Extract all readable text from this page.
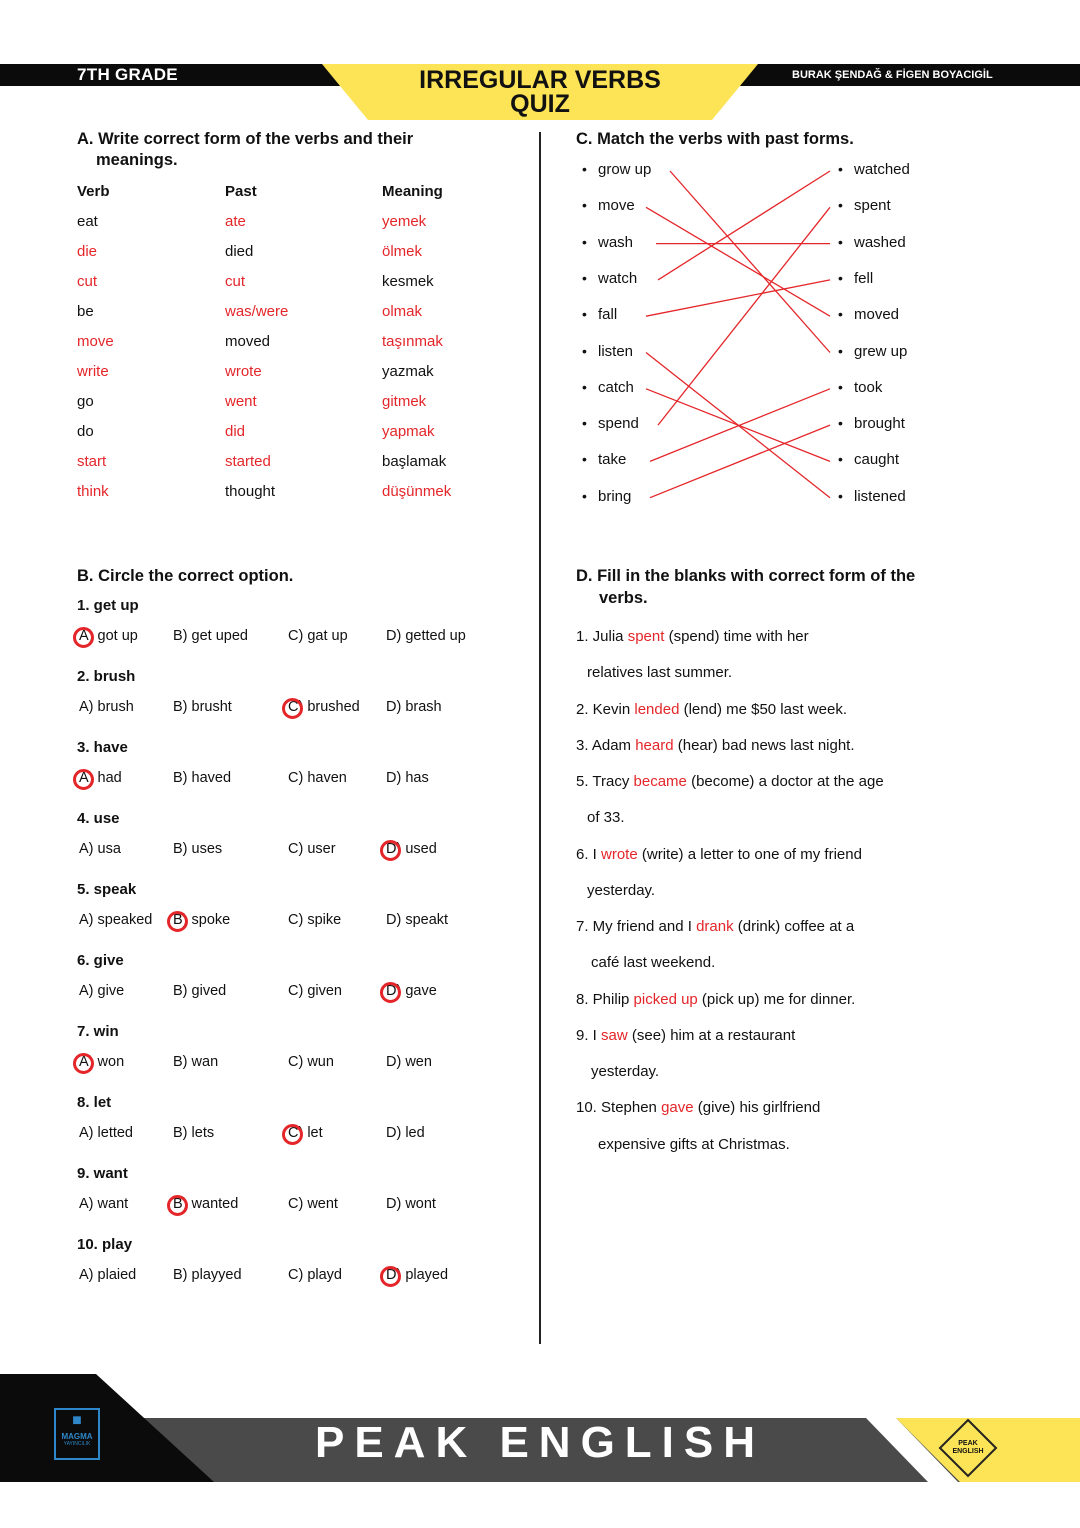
7TH GRADE	IRREGULAR VERBS
QUIZ
BURAK ŞENDAĞ & FİGEN BOYACIGİL
A. Write correct form of the verbs and their
meanings.
Verb	Past	Meaning
eat	ate	yemek
die	died	ölmek
cut	cut	kesmek
be	was/were	olmak
move	moved	taşınmak
write	wrote	yazmak
go	went	gitmek
do	did	yapmak
start	started	başlamak
think	thought	düşünmek
B. Circle the correct option.
1. get up
A) got up B) get uped	C) gat up	D) getted up
2. brush
A) brush	B) brusht	C) brushed D) brash
3. have
A) had	B) haved	C) haven	D) has
4. use
A) usa	B) uses	C) user	D) used
5. speak
A) speaked B) spoke	C) spike	D) speakt
6. give
A) give	B) gived	C) given	D) gave
7. win
A) won	B) wan	C) wun	D) wen
8. let
A) letted	B) lets	C) let	D) led
9. want
A) want	B) wanted	C) went	D) wont
10. play
A) plaied	B) playyed	C) playd	D) played
C. Match the verbs with past forms.
• grow up
• move
• wash
• watch
• fall
• listen
• catch
• spend
• take
• bring
• watched
• spent
• washed
• fell
• moved
• grew up
• took
• brought
• caught
• listened
D. Fill in the blanks with correct form of the
verbs.
1. Julia spent (spend) time with her
relatives last summer.
2. Kevin lended (lend) me $50 last week.
3. Adam heard (hear) bad news last night.
5. Tracy became (become) a doctor at the age
of 33.
6. I wrote (write) a letter to one of my friend
yesterday.
7. My friend and I drank (drink) coffee at a
café last weekend.
8. Philip picked up (pick up) me for dinner.
9. I saw (see) him at a restaurant
yesterday.
10. Stephen gave (give) his girlfriend
expensive gifts at Christmas.
■
MAGMA
YAYINCILIK	PEAK ENGLISH	PEAK
ENGLISH
